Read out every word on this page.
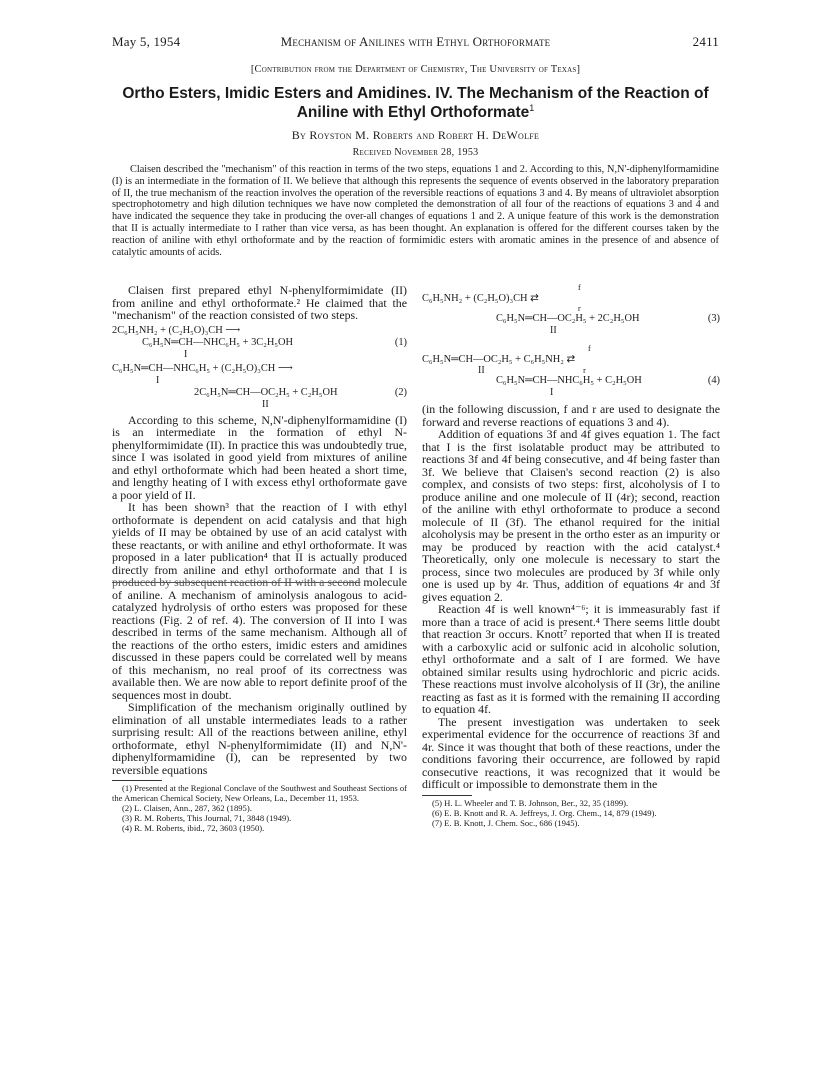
May 5, 1954	Mechanism of Anilines with Ethyl Orthoformate	2411
[Contribution from the Department of Chemistry, The University of Texas]
Ortho Esters, Imidic Esters and Amidines. IV. The Mechanism of the Reaction of
Aniline with Ethyl Orthoformate$^1$
By Royston M. Roberts and Robert H. DeWolfe
Received November 28, 1953

Claisen described the "mechanism" of this reaction in terms of the two steps, equations 1 and 2. According to this, N,N'-diphenylformamidine (I) is an intermediate in the formation of II. We believe that although this represents the sequence of events observed in the laboratory preparation of II, the true mechanism of the reaction involves the operation of the reversible reactions of equations 3 and 4. By means of ultraviolet absorption spectrophotometry and high dilution techniques we have now completed the demonstration of all four of the reactions of equations 3 and 4 and have indicated the sequence they take in producing the over-all changes of equations 1 and 2. A unique feature of this work is the demonstration that II is actually intermediate to I rather than vice versa, as has been thought. An explanation is offered for the different courses taken by the reaction of aniline with ethyl orthoformate and by the reaction of formimidic esters with aromatic amines in the presence of and absence of catalytic amounts of acids.

Claisen first prepared ethyl N-phenylformimidate (II) from aniline and ethyl orthoformate.² He claimed that the "mechanism" of the reaction consisted of two steps.

2C₆H₅NH₂ + (C₂H₅O)₃CH ⟶
C₆H₅N═CH—NHC₆H₅ + 3C₂H₅OH	(1)
I
C₆H₅N═CH—NHC₆H₅ + (C₂H₅O)₃CH ⟶
I
2C₆H₅N═CH—OC₂H₅ + C₂H₅OH	(2)
II

According to this scheme, N,N'-diphenylformamidine (I) is an intermediate in the formation of ethyl N-phenylformimidate (II). In practice this was undoubtedly true, since I was isolated in good yield from mixtures of aniline and ethyl orthoformate which had been heated a short time, and lengthy heating of I with excess ethyl orthoformate gave a poor yield of II.

It has been shown³ that the reaction of I with ethyl orthoformate is dependent on acid catalysis and that high yields of II may be obtained by use of an acid catalyst with these reactants, or with aniline and ethyl orthoformate. It was proposed in a later publication⁴ that II is actually produced directly from aniline and ethyl orthoformate and that I is produced by subsequent reaction of II with a second molecule of aniline. A mechanism of aminolysis analogous to acid-catalyzed hydrolysis of ortho esters was proposed for these reactions (Fig. 2 of ref. 4). The conversion of II into I was described in terms of the same mechanism. Although all of the reactions of the ortho esters, imidic esters and amidines discussed in these papers could be correlated well by means of this mechanism, no real proof of its correctness was available then. We are now able to report definite proof of the sequences most in doubt.

Simplification of the mechanism originally outlined by elimination of all unstable intermediates leads to a rather surprising result: All of the reactions between aniline, ethyl orthoformate, ethyl N-phenylformimidate (II) and N,N'-diphenylformamidine (I), can be represented by two reversible equations

(1) Presented at the Regional Conclave of the Southwest and Southeast Sections of the American Chemical Society, New Orleans, La., December 11, 1953.
(2) L. Claisen, Ann., 287, 362 (1895).
(3) R. M. Roberts, This Journal, 71, 3848 (1949).
(4) R. M. Roberts, ibid., 72, 3603 (1950).
f
C₆H₅NH₂ + (C₂H₅O)₃CH ⇄
r
C₆H₅N═CH—OC₂H₅ + 2C₂H₅OH	(3)
II
f
C₆H₅N═CH—OC₂H₅ + C₆H₅NH₂ ⇄
II	r
C₆H₅N═CH—NHC₆H₅ + C₂H₅OH	(4)
I

(in the following discussion, f and r are used to designate the forward and reverse reactions of equations 3 and 4).

Addition of equations 3f and 4f gives equation 1. The fact that I is the first isolatable product may be attributed to reactions 3f and 4f being consecutive, and 4f being faster than 3f. We believe that Claisen's second reaction (2) is also complex, and consists of two steps: first, alcoholysis of I to produce aniline and one molecule of II (4r); second, reaction of the aniline with ethyl orthoformate to produce a second molecule of II (3f). The ethanol required for the initial alcoholysis may be present in the ortho ester as an impurity or may be produced by reaction with the acid catalyst.⁴ Theoretically, only one molecule is necessary to start the process, since two molecules are produced by 3f while only one is used up by 4r. Thus, addition of equations 4r and 3f gives equation 2.

Reaction 4f is well known⁴⁻⁶; it is immeasurably fast if more than a trace of acid is present.⁴ There seems little doubt that reaction 3r occurs. Knott⁷ reported that when II is treated with a carboxylic acid or sulfonic acid in alcoholic solution, ethyl orthoformate and a salt of I are formed. We have obtained similar results using hydrochloric and picric acids. These reactions must involve alcoholysis of II (3r), the aniline reacting as fast as it is formed with the remaining II according to equation 4f.

The present investigation was undertaken to seek experimental evidence for the occurrence of reactions 3f and 4r. Since it was thought that both of these reactions, under the conditions favoring their occurrence, are followed by rapid consecutive reactions, it was recognized that it would be difficult or impossible to demonstrate them in the

(5) H. L. Wheeler and T. B. Johnson, Ber., 32, 35 (1899).
(6) E. B. Knott and R. A. Jeffreys, J. Org. Chem., 14, 879 (1949).
(7) E. B. Knott, J. Chem. Soc., 686 (1945).
